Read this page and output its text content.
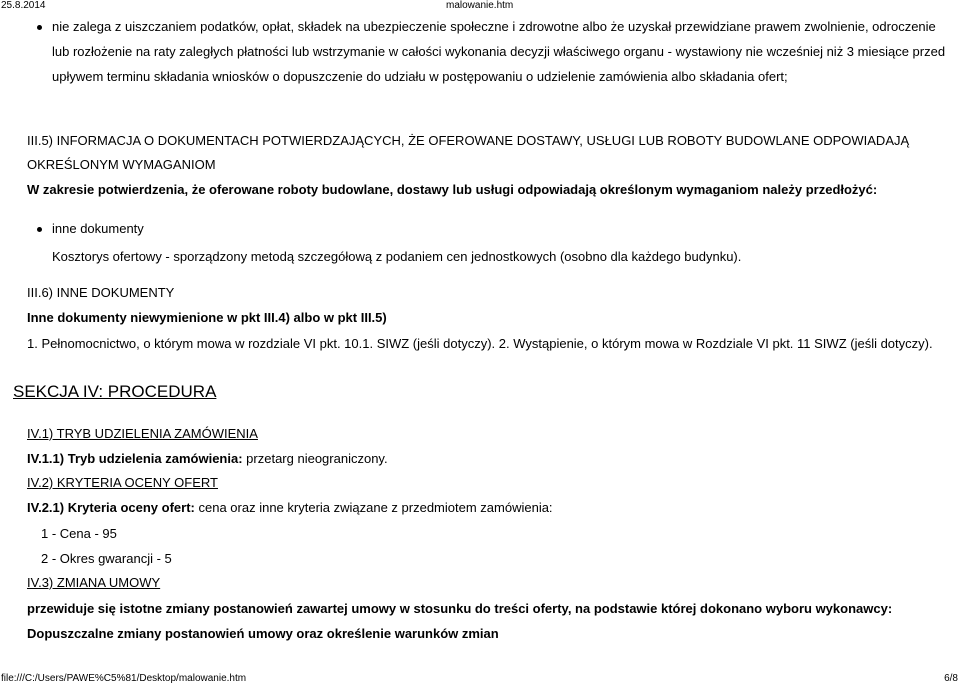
25.8.2014	malowanie.htm
nie zalega z uiszczaniem podatków, opłat, składek na ubezpieczenie społeczne i zdrowotne albo że uzyskał przewidziane prawem zwolnienie, odroczenie
lub rozłożenie na raty zaległych płatności lub wstrzymanie w całości wykonania decyzji właściwego organu - wystawiony nie wcześniej niż 3 miesiące przed
upływem terminu składania wniosków o dopuszczenie do udziału w postępowaniu o udzielenie zamówienia albo składania ofert;
III.5) INFORMACJA O DOKUMENTACH POTWIERDZAJĄCYCH, ŻE OFEROWANE DOSTAWY, USŁUGI LUB ROBOTY BUDOWLANE ODPOWIADAJĄ
OKREŚLONYM WYMAGANIOM
W zakresie potwierdzenia, że oferowane roboty budowlane, dostawy lub usługi odpowiadają określonym wymaganiom należy przedłożyć:
inne dokumenty
Kosztorys ofertowy - sporządzony metodą szczegółową z podaniem cen jednostkowych (osobno dla każdego budynku).
III.6) INNE DOKUMENTY
Inne dokumenty niewymienione w pkt III.4) albo w pkt III.5)
1. Pełnomocnictwo, o którym mowa w rozdziale VI pkt. 10.1. SIWZ (jeśli dotyczy). 2. Wystąpienie, o którym mowa w Rozdziale VI pkt. 11 SIWZ (jeśli dotyczy).
SEKCJA IV: PROCEDURA
IV.1) TRYB UDZIELENIA ZAMÓWIENIA
IV.1.1) Tryb udzielenia zamówienia: przetarg nieograniczony.
IV.2) KRYTERIA OCENY OFERT
IV.2.1) Kryteria oceny ofert: cena oraz inne kryteria związane z przedmiotem zamówienia:
1 - Cena - 95
2 - Okres gwarancji - 5
IV.3) ZMIANA UMOWY
przewiduje się istotne zmiany postanowień zawartej umowy w stosunku do treści oferty, na podstawie której dokonano wyboru wykonawcy:
Dopuszczalne zmiany postanowień umowy oraz określenie warunków zmian
file:///C:/Users/PAWE%C5%81/Desktop/malowanie.htm	6/8
